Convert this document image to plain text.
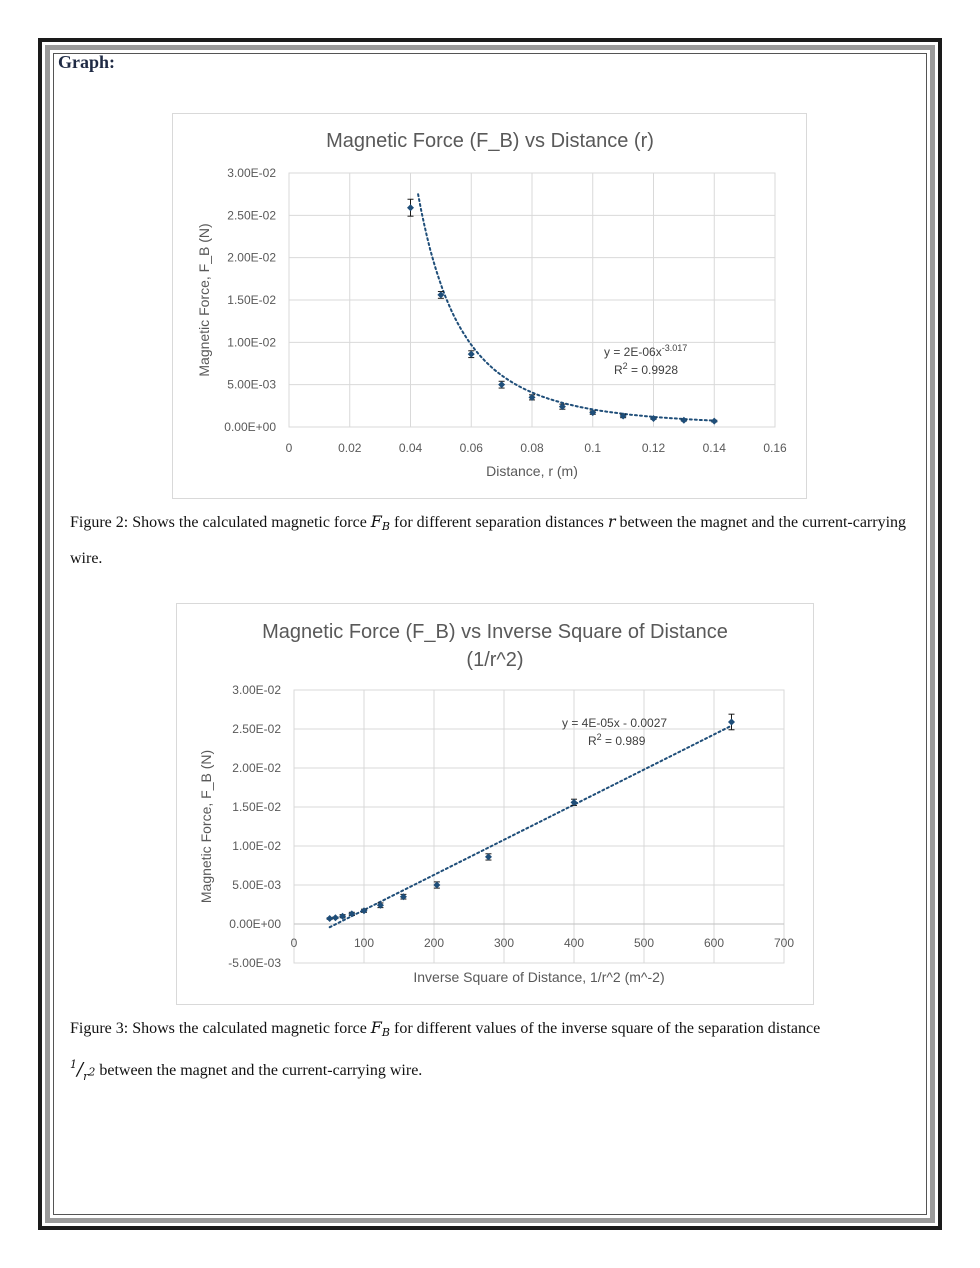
Graph:
Magnetic Force (F_B) vs Distance (r)
0	0.02	0.04	0.06	0.08	0.1	0.12	0.14	0.16
0.00E+00
5.00E-03
1.00E-02
1.50E-02
2.00E-02
2.50E-02
3.00E-02
Distance, r (m)
Magnetic Force, F_B (N)	$y = 2E-06x^{-3.017}$
$R^2 = 0.9928$
Figure 2: Shows the calculated magnetic force $F_B$ for different separation distances r between the magnet and the current-carrying wire.
Magnetic Force (F_B) vs Inverse Square of Distance
(1/r^2)
0	100	200	300	400	500	600	700
-5.00E-03
0.00E+00
5.00E-03
1.00E-02
1.50E-02
2.00E-02
2.50E-02
3.00E-02
Inverse Square of Distance, 1/r^2 (m^-2)
Magnetic Force, F_B (N)
y = 4E-05x - 0.0027
$R^2 = 0.989$
Figure 3: Shows the calculated magnetic force $F_B$ for different values of the inverse square of the separation distance
$^1/_{r^2}$ between the magnet and the current-carrying wire.
